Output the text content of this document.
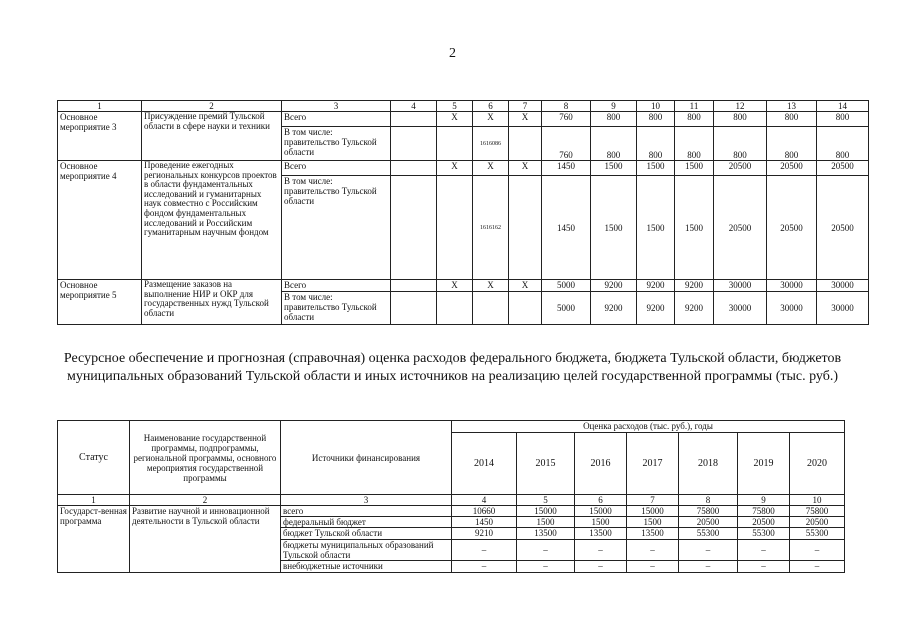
2
1	2	3	4	5	6	7	8	9	10	11	12	13	14
Основное мероприятие 3	Присуждение премий Тульской области в сфере науки и техники	Всего		X	X	X	760	800	800	800	800	800	800
		В том числе: правительство Тульской области			1616086		760	800	800	800	800	800	800
Основное мероприятие 4	Проведение ежегодных региональных конкурсов проектов в области фундаментальных исследований и гуманитарных наук совместно с Российским фондом фундаментальных исследований и Российским гуманитарным научным фондом	Всего		X	X	X	1450	1500	1500	1500	20500	20500	20500
		В том числе: правительство Тульской области			1616162		1450	1500	1500	1500	20500	20500	20500
Основное мероприятие 5	Размещение заказов на выполнение НИР и ОКР для государственных нужд Тульской области	Всего		X	X	X	5000	9200	9200	9200	30000	30000	30000
		В том числе: правительство Тульской области					5000	9200	9200	9200	30000	30000	30000
Ресурсное обеспечение и прогнозная (справочная) оценка расходов федерального бюджета, бюджета Тульской области, бюджетов муниципальных образований Тульской области и иных источников на реализацию целей государственной программы (тыс. руб.)
Статус	Наименование государственной программы, подпрограммы, региональной программы, основного мероприятия государственной программы	Источники финансирования	Оценка расходов (тыс. руб.), годы						
			2014	2015	2016	2017	2018	2019	2020
1	2	3	4	5	6	7	8	9	10
Государст-венная программа	Развитие научной и инновационной деятельности в Тульской области	всего	10660	15000	15000	15000	75800	75800	75800
		федеральный бюджет	1450	1500	1500	1500	20500	20500	20500
		бюджет Тульской области	9210	13500	13500	13500	55300	55300	55300
		бюджеты муниципальных образований Тульской области	–	–	–	–	–	–	–
		внебюджетные источники	–	–	–	–	–	–	–
